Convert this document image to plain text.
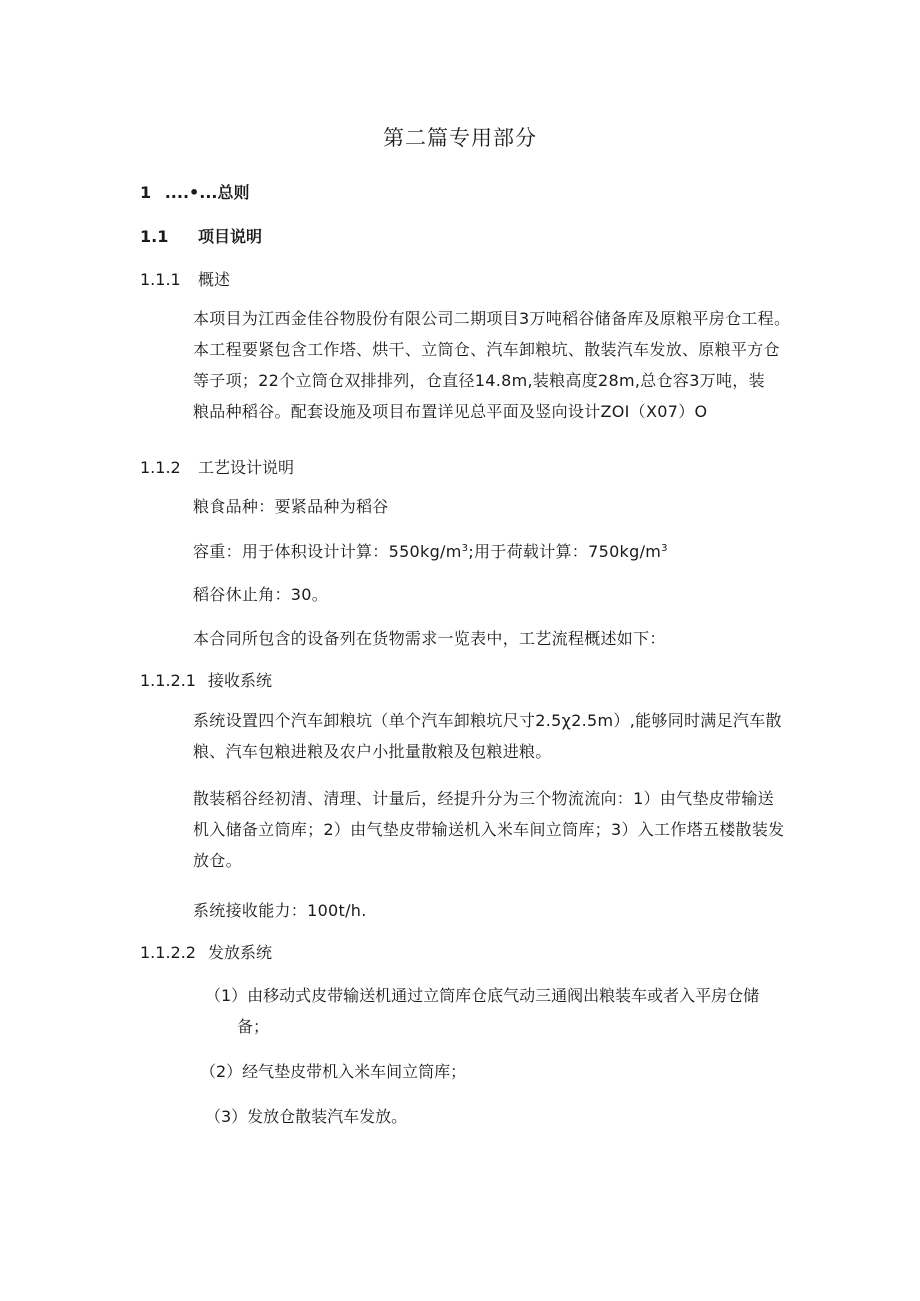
第二篇专用部分
1 ....•...总则
1.1 项目说明
1.1.1 概述

本项目为江西金佳谷物股份有限公司二期项目3万吨稻谷储备库及原粮平房仓工程。

本工程要紧包含工作塔、烘干、立筒仓、汽车卸粮坑、散装汽车发放、原粮平方仓

等子项；22个立筒仓双排排列，仓直径14.8m,装粮高度28m,总仓容3万吨，装

粮品种稻谷。配套设施及项目布置详见总平面及竖向设计ZOI（X07）O

1.1.2 工艺设计说明
粮食品种：要紧品种为稻谷
容重：用于体积设计计算：$550kg∕m^3$;用于荷载计算：$750kg∕m^3$
稻谷休止角：30。
本合同所包含的设备列在货物需求一览表中，工艺流程概述如下：
1.1.2.1 接收系统

系统设置四个汽车卸粮坑（单个汽车卸粮坑尺寸2.5χ2.5m）,能够同时满足汽车散

粮、汽车包粮进粮及农户小批量散粮及包粮进粮。

散装稻谷经初清、清理、计量后，经提升分为三个物流流向：1）由气垫皮带输送

机入储备立筒库；2）由气垫皮带输送机入米车间立筒库；3）入工作塔五楼散装发

放仓。

系统接收能力：100t∕h.
1.1.2.2 发放系统
（1）由移动式皮带输送机通过立筒库仓底气动三通阀出粮装车或者入平房仓储
备；
（2）经气垫皮带机入米车间立筒库；
（3）发放仓散装汽车发放。
